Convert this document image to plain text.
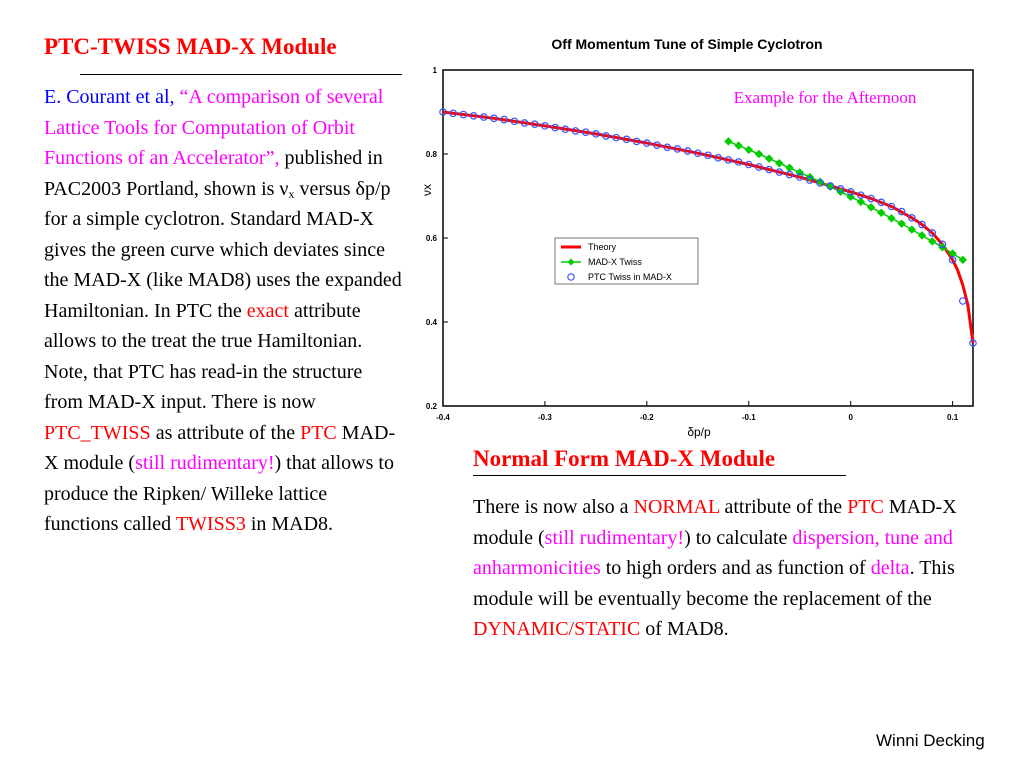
PTC-TWISS MAD-X Module

E. Courant et al, “A comparison of several Lattice Tools for Computation of Orbit Functions of an Accelerator”, published in PAC2003 Portland, shown is $\nu_x$ versus δp/p for a simple cyclotron. Standard MAD-X gives the green curve which deviates since the MAD-X (like MAD8) uses the expanded Hamiltonian. In PTC the exact attribute allows to the treat the true Hamiltonian. Note, that PTC has read-in the structure from MAD-X input. There is now PTC_TWISS as attribute of the PTC MAD-X module (still rudimentary!) that allows to produce the Ripken/ Willeke lattice functions called TWISS3 in MAD8.

Off Momentum Tune of Simple Cyclotron
-0.4	-0.3	-0.2	-0.1	0	0.1
0.2
0.4
0.6
0.8
1
Example for the Afternoon
δp/p
νx
Theory
MAD-X Twiss
PTC Twiss in MAD-X
Normal Form MAD-X Module

There is now also a NORMAL attribute of the PTC MAD-X module (still rudimentary!) to calculate dispersion, tune and anharmonicities to high orders and as function of delta. This module will be eventually become the replacement of the DYNAMIC/STATIC of MAD8.

Winni Decking
